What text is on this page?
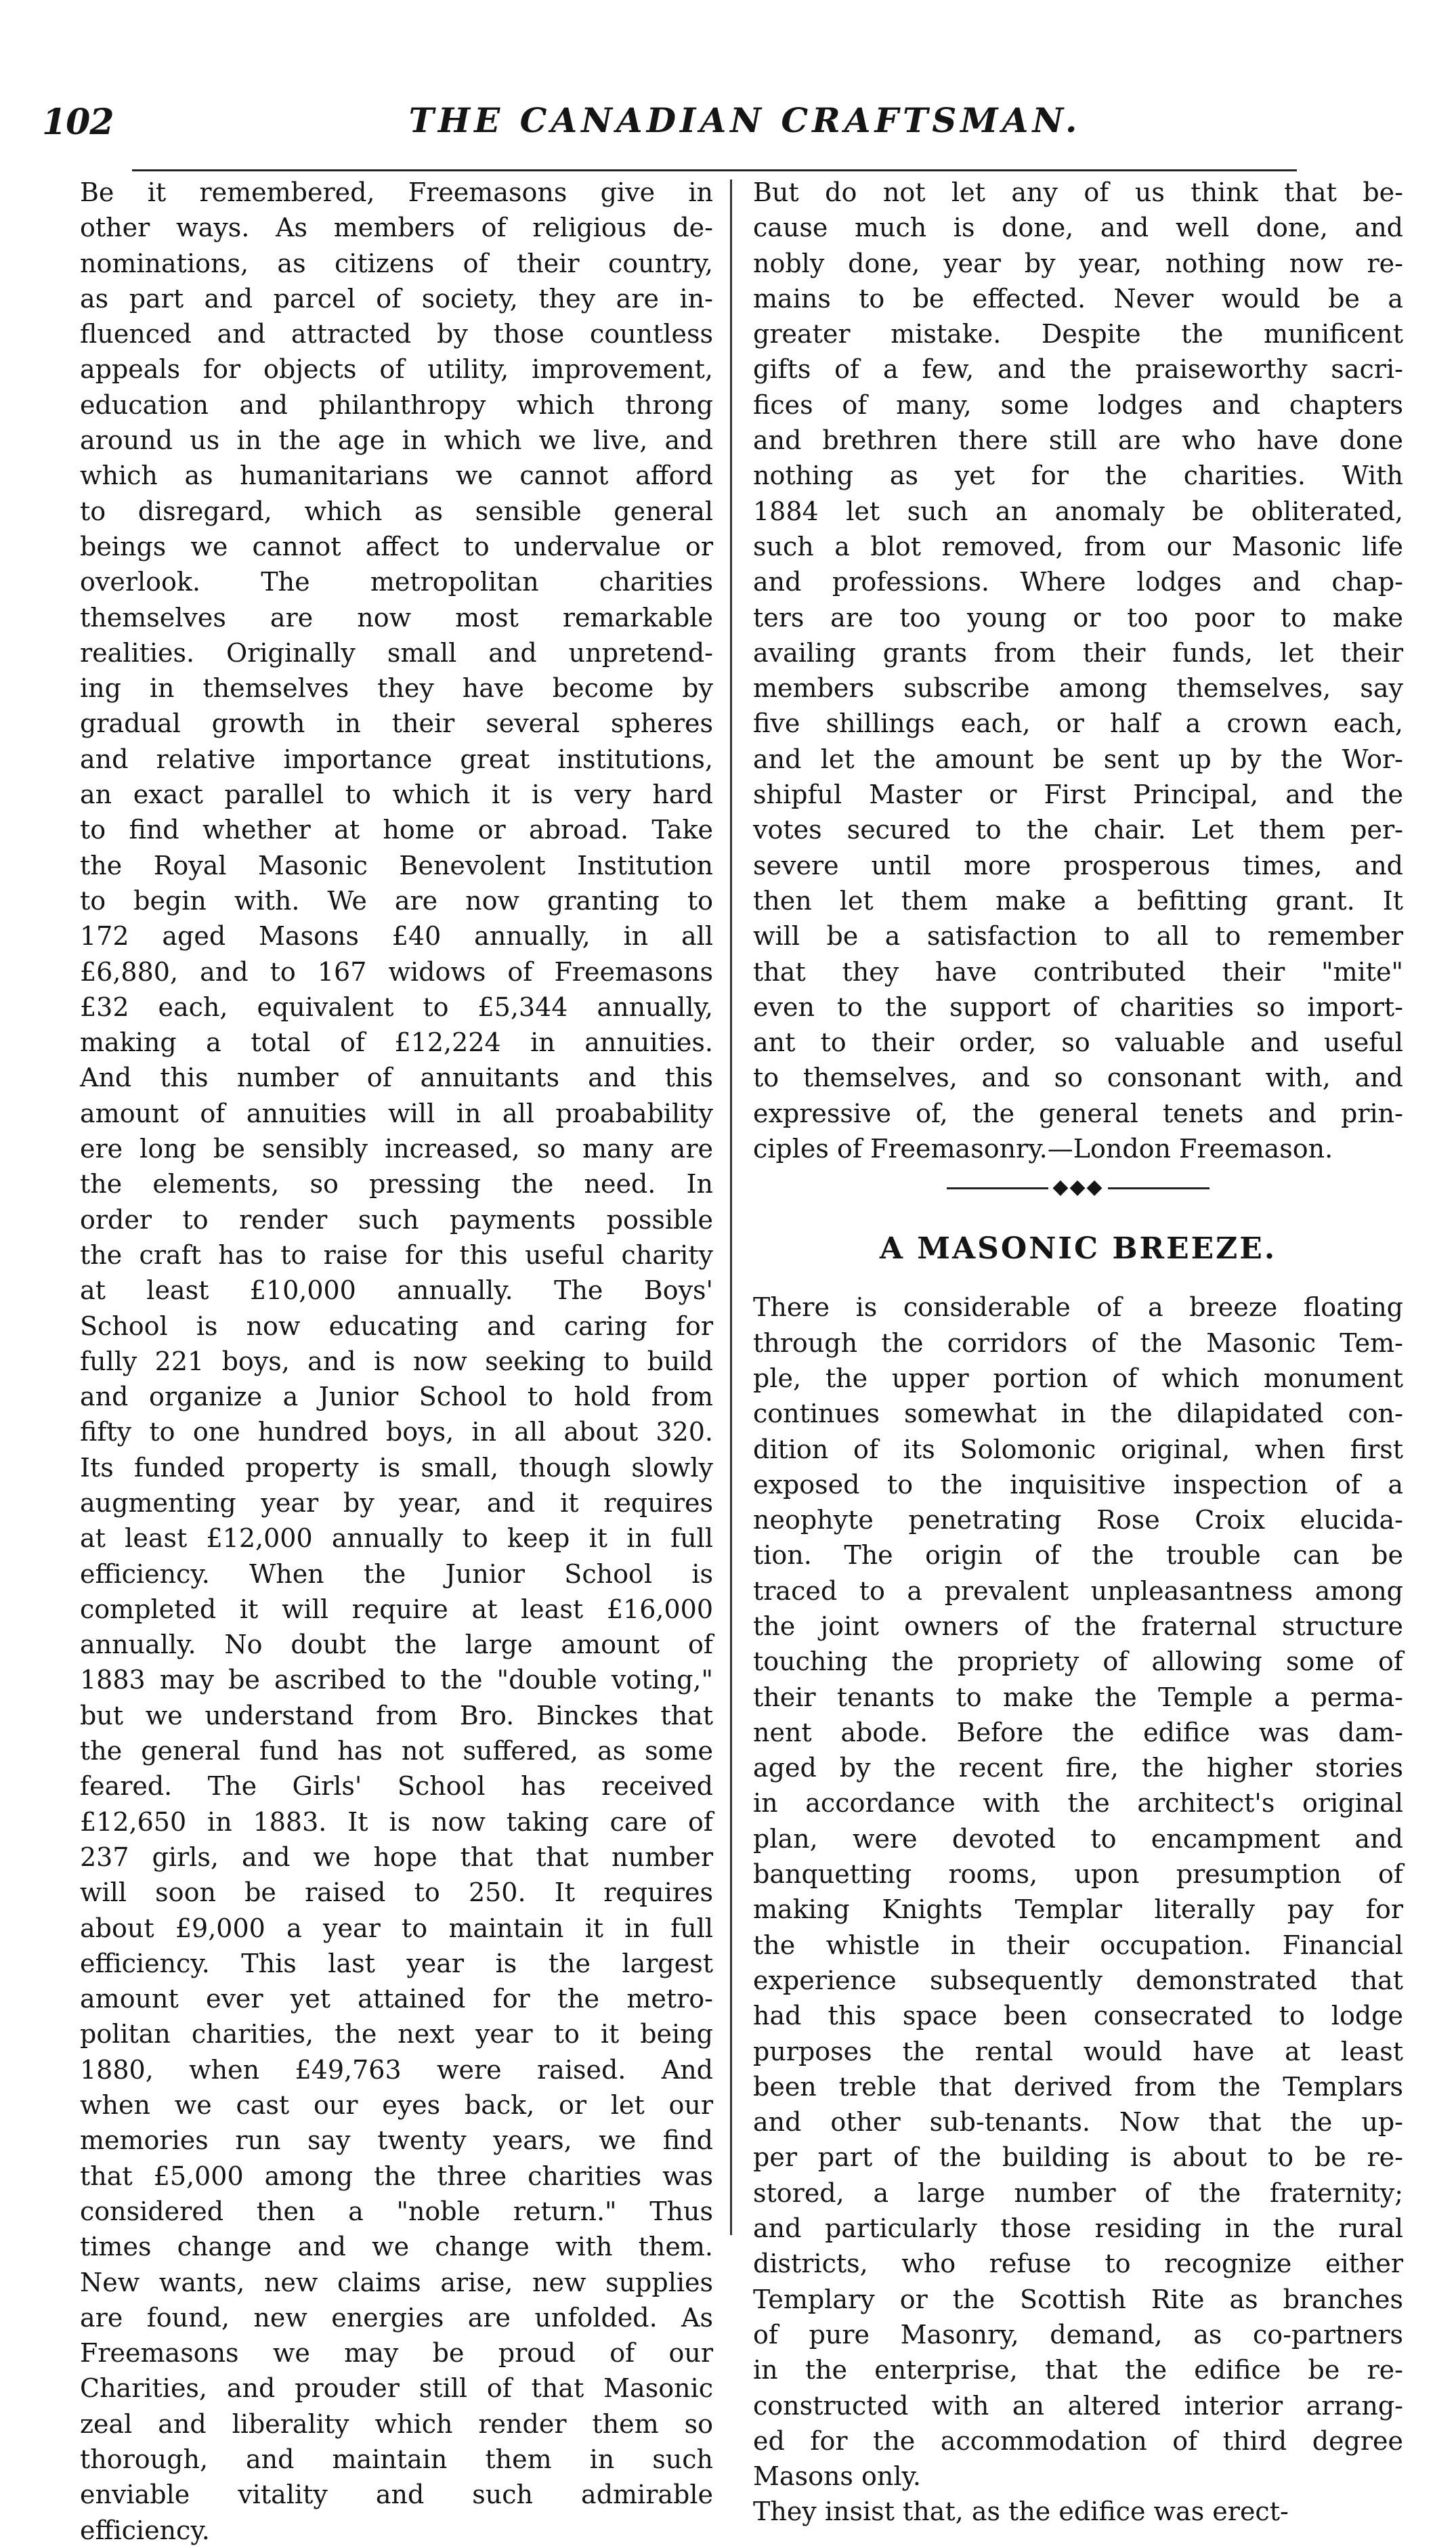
102	THE CANADIAN CRAFTSMAN.
Be it remembered, Freemasons give in
other ways. As members of religious de-
nominations, as citizens of their country,
as part and parcel of society, they are in-
fluenced and attracted by those countless
appeals for objects of utility, improvement,
education and philanthropy which throng
around us in the age in which we live, and
which as humanitarians we cannot afford
to disregard, which as sensible general
beings we cannot affect to undervalue or
overlook. The metropolitan charities
themselves are now most remarkable
realities. Originally small and unpretend-
ing in themselves they have become by
gradual growth in their several spheres
and relative importance great institutions,
an exact parallel to which it is very hard
to find whether at home or abroad. Take
the Royal Masonic Benevolent Institution
to begin with. We are now granting to
172 aged Masons £40 annually, in all
£6,880, and to 167 widows of Freemasons
£32 each, equivalent to £5,344 annually,
making a total of £12,224 in annuities.
And this number of annuitants and this
amount of annuities will in all proabability
ere long be sensibly increased, so many are
the elements, so pressing the need. In
order to render such payments possible
the craft has to raise for this useful charity
at least £10,000 annually. The Boys'
School is now educating and caring for
fully 221 boys, and is now seeking to build
and organize a Junior School to hold from
fifty to one hundred boys, in all about 320.
Its funded property is small, though slowly
augmenting year by year, and it requires
at least £12,000 annually to keep it in full
efficiency. When the Junior School is
completed it will require at least £16,000
annually. No doubt the large amount of
1883 may be ascribed to the "double voting,"
but we understand from Bro. Binckes that
the general fund has not suffered, as some
feared. The Girls' School has received
£12,650 in 1883. It is now taking care of
237 girls, and we hope that that number
will soon be raised to 250. It requires
about £9,000 a year to maintain it in full
efficiency. This last year is the largest
amount ever yet attained for the metro-
politan charities, the next year to it being
1880, when £49,763 were raised. And
when we cast our eyes back, or let our
memories run say twenty years, we find
that £5,000 among the three charities was
considered then a "noble return." Thus
times change and we change with them.
New wants, new claims arise, new supplies
are found, new energies are unfolded. As
Freemasons we may be proud of our
Charities, and prouder still of that Masonic
zeal and liberality which render them so
thorough, and maintain them in such
enviable vitality and such admirable
efficiency.
But do not let any of us think that be-
cause much is done, and well done, and
nobly done, year by year, nothing now re-
mains to be effected. Never would be a
greater mistake. Despite the munificent
gifts of a few, and the praiseworthy sacri-
fices of many, some lodges and chapters
and brethren there still are who have done
nothing as yet for the charities. With
1884 let such an anomaly be obliterated,
such a blot removed, from our Masonic life
and professions. Where lodges and chap-
ters are too young or too poor to make
availing grants from their funds, let their
members subscribe among themselves, say
five shillings each, or half a crown each,
and let the amount be sent up by the Wor-
shipful Master or First Principal, and the
votes secured to the chair. Let them per-
severe until more prosperous times, and
then let them make a befitting grant. It
will be a satisfaction to all to remember
that they have contributed their "mite"
even to the support of charities so import-
ant to their order, so valuable and useful
to themselves, and so consonant with, and
expressive of, the general tenets and prin-
ciples of Freemasonry.—London Freemason.
◆◆◆
A MASONIC BREEZE.
There is considerable of a breeze floating
through the corridors of the Masonic Tem-
ple, the upper portion of which monument
continues somewhat in the dilapidated con-
dition of its Solomonic original, when first
exposed to the inquisitive inspection of a
neophyte penetrating Rose Croix elucida-
tion. The origin of the trouble can be
traced to a prevalent unpleasantness among
the joint owners of the fraternal structure
touching the propriety of allowing some of
their tenants to make the Temple a perma-
nent abode. Before the edifice was dam-
aged by the recent fire, the higher stories
in accordance with the architect's original
plan, were devoted to encampment and
banquetting rooms, upon presumption of
making Knights Templar literally pay for
the whistle in their occupation. Financial
experience subsequently demonstrated that
had this space been consecrated to lodge
purposes the rental would have at least
been treble that derived from the Templars
and other sub-tenants. Now that the up-
per part of the building is about to be re-
stored, a large number of the fraternity;
and particularly those residing in the rural
districts, who refuse to recognize either
Templary or the Scottish Rite as branches
of pure Masonry, demand, as co-partners
in the enterprise, that the edifice be re-
constructed with an altered interior arrang-
ed for the accommodation of third degree
Masons only.
They insist that, as the edifice was erect-
